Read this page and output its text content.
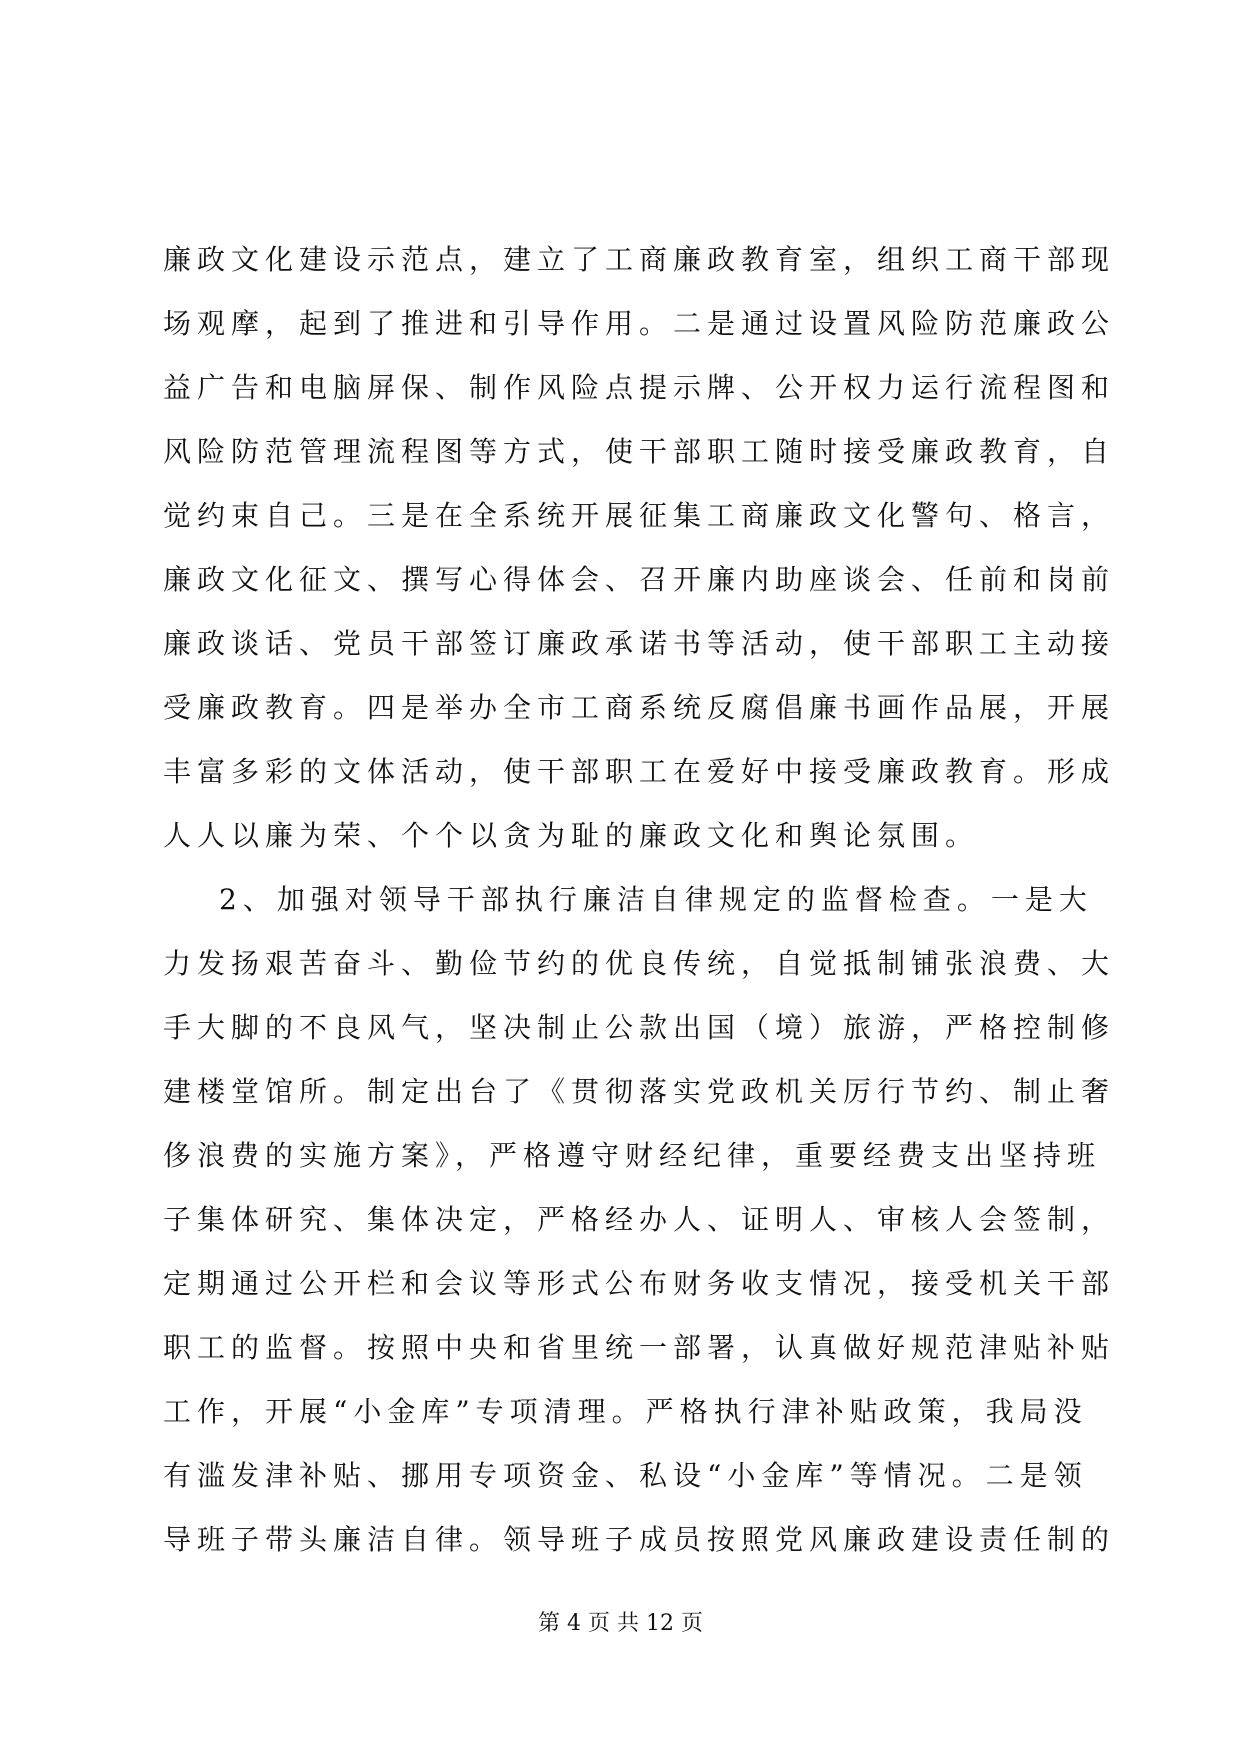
廉政文化建设示范点，建立了工商廉政教育室，组织工商干部现
场观摩，起到了推进和引导作用。二是通过设置风险防范廉政公
益广告和电脑屏保、制作风险点提示牌、公开权力运行流程图和
风险防范管理流程图等方式，使干部职工随时接受廉政教育，自
觉约束自己。三是在全系统开展征集工商廉政文化警句、格言，
廉政文化征文、撰写心得体会、召开廉内助座谈会、任前和岗前
廉政谈话、党员干部签订廉政承诺书等活动，使干部职工主动接
受廉政教育。四是举办全市工商系统反腐倡廉书画作品展，开展
丰富多彩的文体活动，使干部职工在爱好中接受廉政教育。形成
人人以廉为荣、个个以贪为耻的廉政文化和舆论氛围。
2、加强对领导干部执行廉洁自律规定的监督检查。一是大
力发扬艰苦奋斗、勤俭节约的优良传统，自觉抵制铺张浪费、大
手大脚的不良风气，坚决制止公款出国（境）旅游，严格控制修
建楼堂馆所。制定出台了《贯彻落实党政机关厉行节约、制止奢
侈浪费的实施方案》，严格遵守财经纪律，重要经费支出坚持班
子集体研究、集体决定，严格经办人、证明人、审核人会签制，
定期通过公开栏和会议等形式公布财务收支情况，接受机关干部
职工的监督。按照中央和省里统一部署，认真做好规范津贴补贴
工作，开展“小金库”专项清理。严格执行津补贴政策，我局没
有滥发津补贴、挪用专项资金、私设“小金库”等情况。二是领
导班子带头廉洁自律。领导班子成员按照党风廉政建设责任制的
第 4 页 共 12 页
